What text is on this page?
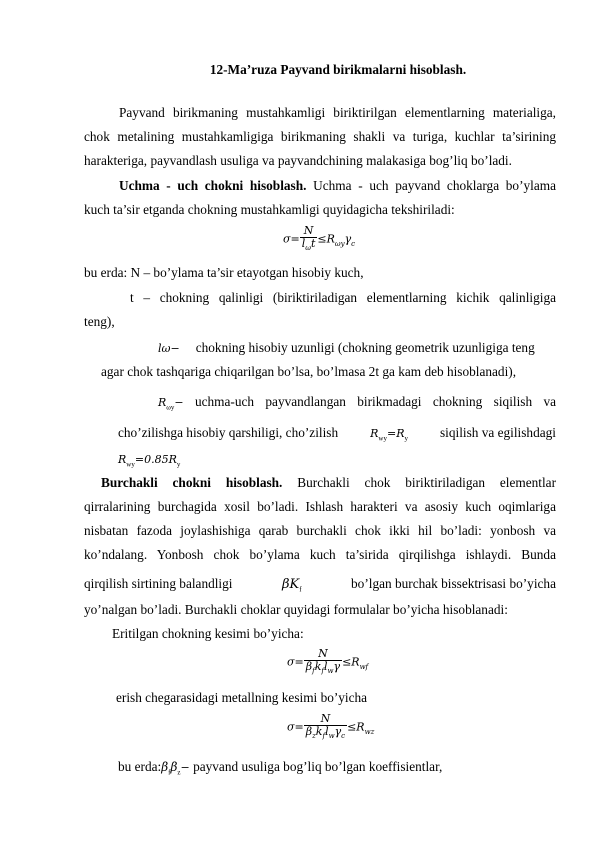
12-Ma’ruza Payvand birikmalarni hisoblash.
Payvand birikmaning mustahkamligi biriktirilgan elementlarning materialiga,
chok metalining mustahkamligiga birikmaning shakli va turiga, kuchlar ta’sirining
harakteriga, payvandlash usuliga va payvandchining malakasiga bog’liq bo’ladi.
Uchma - uch chokni hisoblash. Uchma - uch payvand choklarga bo’ylama
kuch ta’sir etganda chokning mustahkamligi quyidagicha tekshiriladi:
$\sigma= \frac{N}{l_\omega t} \le R_{\omega y}\gamma_c$
bu erda: N – bo’ylama ta’sir etayotgan hisobiy kuch,
t – chokning qalinligi (biriktiriladigan elementlarning kichik qalinligiga
teng),
lω− chokning hisobiy uzunligi (chokning geometrik uzunligiga teng
agar chok tashqariga chiqarilgan bo’lsa, bo’lmasa 2t ga kam deb hisoblanadi),
$R_{\omega y}-$ uchma-uch payvandlangan birikmadagi chokning siqilish va
cho’zilishga hisobiy qarshiligi, cho’zilish	$R_{wy}=R_y$ siqilish va egilishdagi
$R_{wy}=0.85R_y$
Burchakli chokni hisoblash. Burchakli chok biriktiriladigan elementlar
qirralarining burchagida xosil bo’ladi. Ishlash harakteri va asosiy kuch oqimlariga
nisbatan fazoda joylashishiga qarab burchakli chok ikki hil bo’ladi: yonbosh va
ko’ndalang. Yonbosh chok bo’ylama kuch ta’sirida qirqilishga ishlaydi. Bunda
qirqilish sirtining balandligi	$\beta K_f$	bo’lgan burchak bissektrisasi bo’yicha
yo’nalgan bo’ladi. Burchakli choklar quyidagi formulalar bo’yicha hisoblanadi:
Eritilgan chokning kesimi bo’yicha:
$\sigma= \frac{N}{\beta_fk_fl_w\gamma} \le R_{wf}$
erish chegarasidagi metallning kesimi bo’yicha
$\sigma= \frac{N}{\beta_zk_fl_w\gamma_c} \le R_{wz}$
bu $erda:\beta_f\beta_z-$ payvand usuliga bog’liq bo’lgan koeffisientlar,
